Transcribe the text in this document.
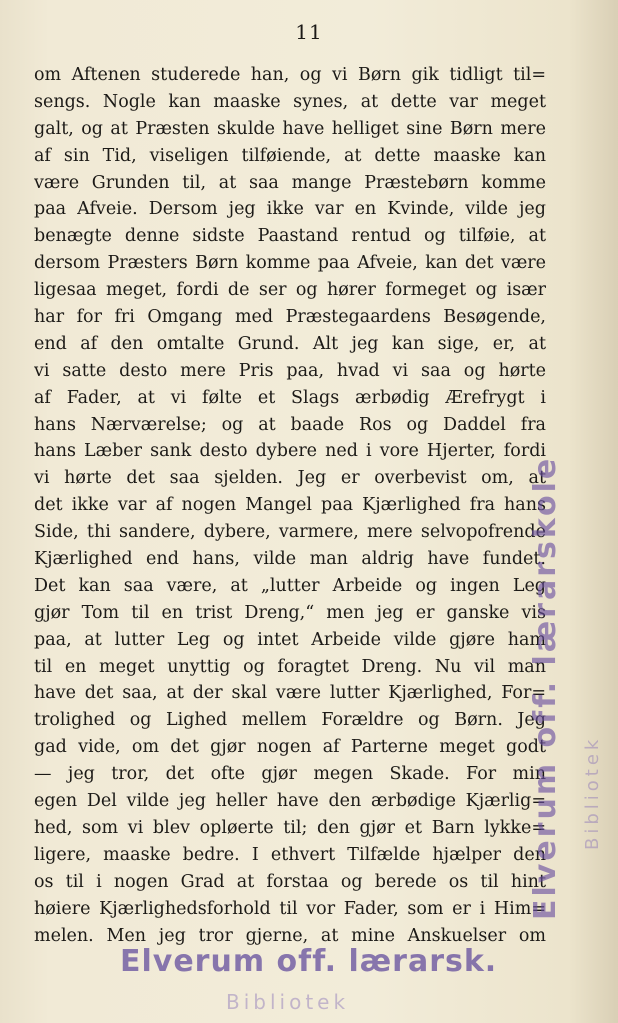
11
om Aftenen studerede han, og vi Børn gik tidligt til=
sengs. Nogle kan maaske synes, at dette var meget
galt, og at Præsten skulde have helliget sine Børn mere
af sin Tid, viseligen tilføiende, at dette maaske kan
være Grunden til, at saa mange Præstebørn komme
paa Afveie. Dersom jeg ikke var en Kvinde, vilde jeg
benægte denne sidste Paastand rentud og tilføie, at
dersom Præsters Børn komme paa Afveie, kan det være
ligesaa meget, fordi de ser og hører formeget og især
har for fri Omgang med Præstegaardens Besøgende,
end af den omtalte Grund. Alt jeg kan sige, er, at
vi satte desto mere Pris paa, hvad vi saa og hørte
af Fader, at vi følte et Slags ærbødig Ærefrygt i
hans Nærværelse; og at baade Ros og Daddel fra
hans Læber sank desto dybere ned i vore Hjerter, fordi
vi hørte det saa sjelden. Jeg er overbevist om, at
det ikke var af nogen Mangel paa Kjærlighed fra hans
Side, thi sandere, dybere, varmere, mere selvopofrende
Kjærlighed end hans, vilde man aldrig have fundet.
Det kan saa være, at „lutter Arbeide og ingen Leg
gjør Tom til en trist Dreng,“ men jeg er ganske vis
paa, at lutter Leg og intet Arbeide vilde gjøre ham
til en meget unyttig og foragtet Dreng. Nu vil man
have det saa, at der skal være lutter Kjærlighed, For=
trolighed og Lighed mellem Forældre og Børn. Jeg
gad vide, om det gjør nogen af Parterne meget godt
— jeg tror, det ofte gjør megen Skade. For min
egen Del vilde jeg heller have den ærbødige Kjærlig=
hed, som vi blev opløerte til; den gjør et Barn lykke=
ligere, maaske bedre. I ethvert Tilfælde hjælper den
os til i nogen Grad at forstaa og berede os til hint
høiere Kjærlighedsforhold til vor Fader, som er i Him=
melen. Men jeg tror gjerne, at mine Anskuelser om
Elverum off. lærarskole	Bibliotek
Elverum off. lærarsk.
Bibliotek
